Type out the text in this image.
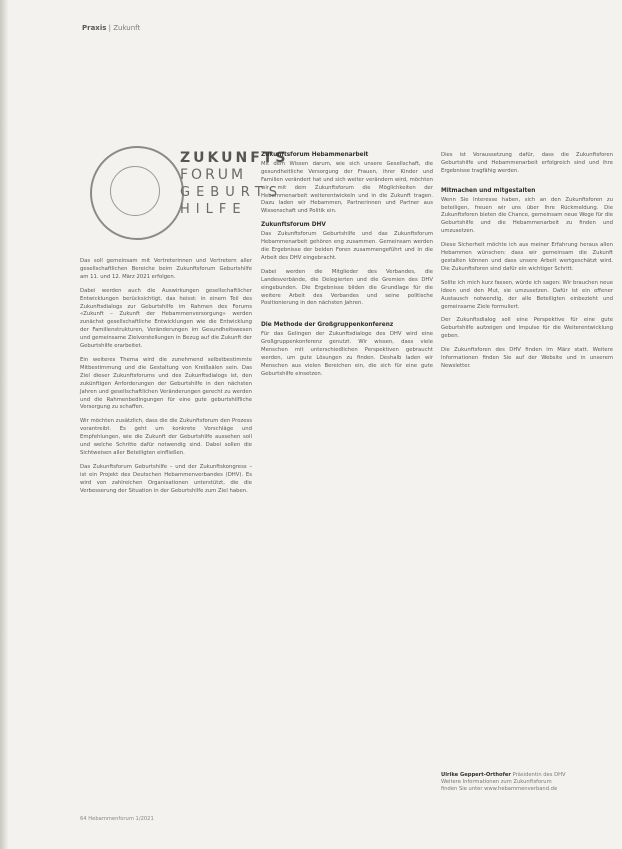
Praxis | Zukunft
ZUKUNFTS
FORUM
GEBURTS
HILFE

Das soll gemeinsam mit Vertreterinnen und Vertretern aller gesellschaftlichen Bereiche beim Zukunftsforum Geburtshilfe am 11. und 12. März 2021 erfolgen.

Dabei werden auch die Auswirkungen gesellschaftlicher Entwicklungen berücksichtigt, das heisst: in einem Teil des Zukunftsdialogs zur Geburtshilfe im Rahmen des Forums «Zukunft – Zukunft der Hebammenversorgung» werden zunächst gesellschaftliche Entwicklungen wie die Entwicklung der Familienstrukturen, Veränderungen im Gesundheitswesen und gemeinsame Zielvorstellungen in Bezug auf die Zukunft der Geburtshilfe erarbeitet.

Ein weiteres Thema wird die zunehmend selbstbestimmte Mitbestimmung und die Gestaltung von Kreißsälen sein. Das Ziel dieser Zukunftsforums und des Zukunftsdialogs ist, den zukünftigen Anforderungen der Geburtshilfe in den nächsten Jahren und gesellschaftlichen Veränderungen gerecht zu werden und die Rahmenbedingungen für eine gute geburtshilfliche Versorgung zu schaffen.

Wir möchten zusätzlich, dass die die Zukunftsforum den Prozess vorantreibt. Es geht um konkrete Vorschläge und Empfehlungen, wie die Zukunft der Geburtshilfe aussehen soll und welche Schritte dafür notwendig sind. Dabei sollen die Sichtweisen aller Beteiligten einfließen.

Das Zukunftsforum Geburtshilfe – und der Zukunftskongress – ist ein Projekt des Deutschen Hebammenverbandes (DHV). Es wird von zahlreichen Organisationen unterstützt, die die Verbesserung der Situation in der Geburtshilfe zum Ziel haben.

Zukunftsforum Hebammenarbeit

Mit dem Wissen darum, wie sich unsere Gesellschaft, die gesundheitliche Versorgung der Frauen, ihrer Kinder und Familien verändert hat und sich weiter verändern wird, möchten wir mit dem Zukunftsforum die Möglichkeiten der Hebammenarbeit weiterentwickeln und in die Zukunft tragen. Dazu laden wir Hebammen, Partnerinnen und Partner aus Wissenschaft und Politik ein.

Zukunftsforum DHV

Das Zukunftsforum Geburtshilfe und das Zukunftsforum Hebammenarbeit gehören eng zusammen. Gemeinsam werden die Ergebnisse der beiden Foren zusammengeführt und in die Arbeit des DHV eingebracht.

Dabei werden die Mitglieder des Verbandes, die Landesverbände, die Delegierten und die Gremien des DHV eingebunden. Die Ergebnisse bilden die Grundlage für die weitere Arbeit des Verbandes und seine politische Positionierung in den nächsten Jahren.

Die Methode der Großgruppenkonferenz

Für das Gelingen der Zukunftsdialoge des DHV wird eine Großgruppenkonferenz genutzt. Wir wissen, dass viele Menschen mit unterschiedlichen Perspektiven gebraucht werden, um gute Lösungen zu finden. Deshalb laden wir Menschen aus vielen Bereichen ein, die sich für eine gute Geburtshilfe einsetzen.

Dies ist Voraussetzung dafür, dass die Zukunftsforen Geburtshilfe und Hebammenarbeit erfolgreich sind und ihre Ergebnisse tragfähig werden.

Mitmachen und mitgestalten

Wenn Sie Interesse haben, sich an den Zukunftsforen zu beteiligen, freuen wir uns über Ihre Rückmeldung. Die Zukunftsforen bieten die Chance, gemeinsam neue Wege für die Geburtshilfe und die Hebammenarbeit zu finden und umzusetzen.

Diese Sicherheit möchte ich aus meiner Erfahrung heraus allen Hebammen wünschen: dass wir gemeinsam die Zukunft gestalten können und dass unsere Arbeit wertgeschätzt wird. Die Zukunftsforen sind dafür ein wichtiger Schritt.

Sollte ich mich kurz fassen, würde ich sagen: Wir brauchen neue Ideen und den Mut, sie umzusetzen. Dafür ist ein offener Austausch notwendig, der alle Beteiligten einbezieht und gemeinsame Ziele formuliert.

Der Zukunftsdialog soll eine Perspektive für eine gute Geburtshilfe aufzeigen und Impulse für die Weiterentwicklung geben.

Die Zukunftsforen des DHV finden im März statt. Weitere Informationen finden Sie auf der Website und in unserem Newsletter.

Ulrike Geppert-Orthofer Präsidentin des DHV
Weitere Informationen zum Zukunftsforum
finden Sie unter www.hebammenverband.de
64 Hebammenforum 1/2021
